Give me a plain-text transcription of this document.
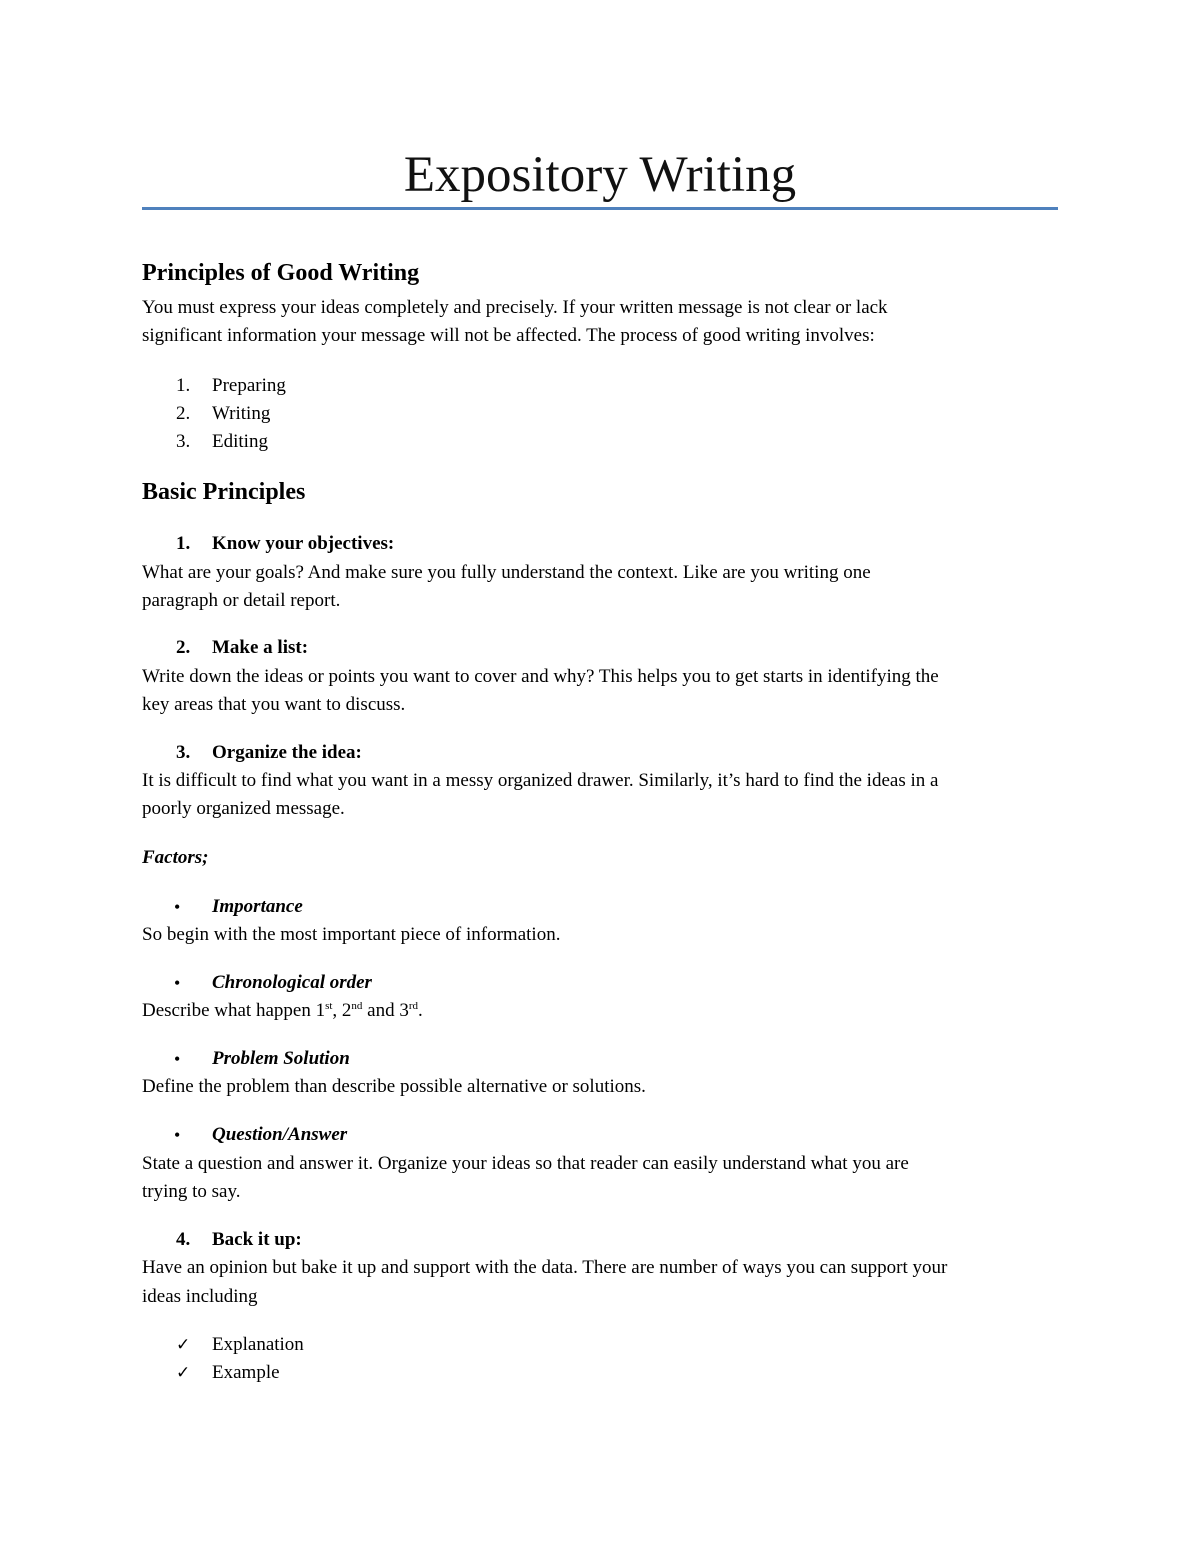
Expository Writing
Principles of Good Writing
You must express your ideas completely and precisely. If your written message is not clear or lack
significant information your message will not be affected. The process of good writing involves:
1.	Preparing
2.	Writing
3.	Editing
Basic Principles
1.	Know your objectives:
What are your goals? And make sure you fully understand the context. Like are you writing one
paragraph or detail report.
2.	Make a list:
Write down the ideas or points you want to cover and why? This helps you to get starts in identifying the
key areas that you want to discuss.
3.	Organize the idea:
It is difficult to find what you want in a messy organized drawer. Similarly, it’s hard to find the ideas in a
poorly organized message.
Factors;
•	Importance
So begin with the most important piece of information.
•	Chronological order
Describe what happen 1st, 2nd and 3rd.
•	Problem Solution
Define the problem than describe possible alternative or solutions.
•	Question/Answer
State a question and answer it. Organize your ideas so that reader can easily understand what you are
trying to say.
4.	Back it up:
Have an opinion but bake it up and support with the data. There are number of ways you can support your
ideas including
✓	Explanation
✓	Example
